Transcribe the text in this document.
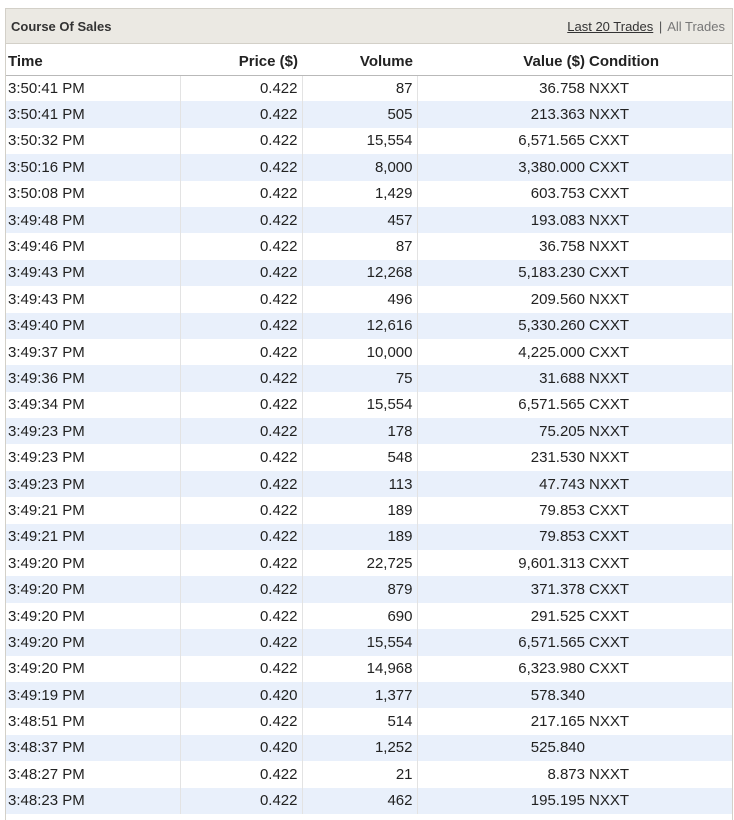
Course Of Sales	Last 20 Trades | All Trades
Time	Price ($)	Volume	Value ($)	Condition
3:50:41 PM	0.422	87	36.758	NXXT
3:50:41 PM	0.422	505	213.363	NXXT
3:50:32 PM	0.422	15,554	6,571.565	CXXT
3:50:16 PM	0.422	8,000	3,380.000	CXXT
3:50:08 PM	0.422	1,429	603.753	CXXT
3:49:48 PM	0.422	457	193.083	NXXT
3:49:46 PM	0.422	87	36.758	NXXT
3:49:43 PM	0.422	12,268	5,183.230	CXXT
3:49:43 PM	0.422	496	209.560	NXXT
3:49:40 PM	0.422	12,616	5,330.260	CXXT
3:49:37 PM	0.422	10,000	4,225.000	CXXT
3:49:36 PM	0.422	75	31.688	NXXT
3:49:34 PM	0.422	15,554	6,571.565	CXXT
3:49:23 PM	0.422	178	75.205	NXXT
3:49:23 PM	0.422	548	231.530	NXXT
3:49:23 PM	0.422	113	47.743	NXXT
3:49:21 PM	0.422	189	79.853	CXXT
3:49:21 PM	0.422	189	79.853	CXXT
3:49:20 PM	0.422	22,725	9,601.313	CXXT
3:49:20 PM	0.422	879	371.378	CXXT
3:49:20 PM	0.422	690	291.525	CXXT
3:49:20 PM	0.422	15,554	6,571.565	CXXT
3:49:20 PM	0.422	14,968	6,323.980	CXXT
3:49:19 PM	0.420	1,377	578.340	
3:48:51 PM	0.422	514	217.165	NXXT
3:48:37 PM	0.420	1,252	525.840	
3:48:27 PM	0.422	21	8.873	NXXT
3:48:23 PM	0.422	462	195.195	NXXT
